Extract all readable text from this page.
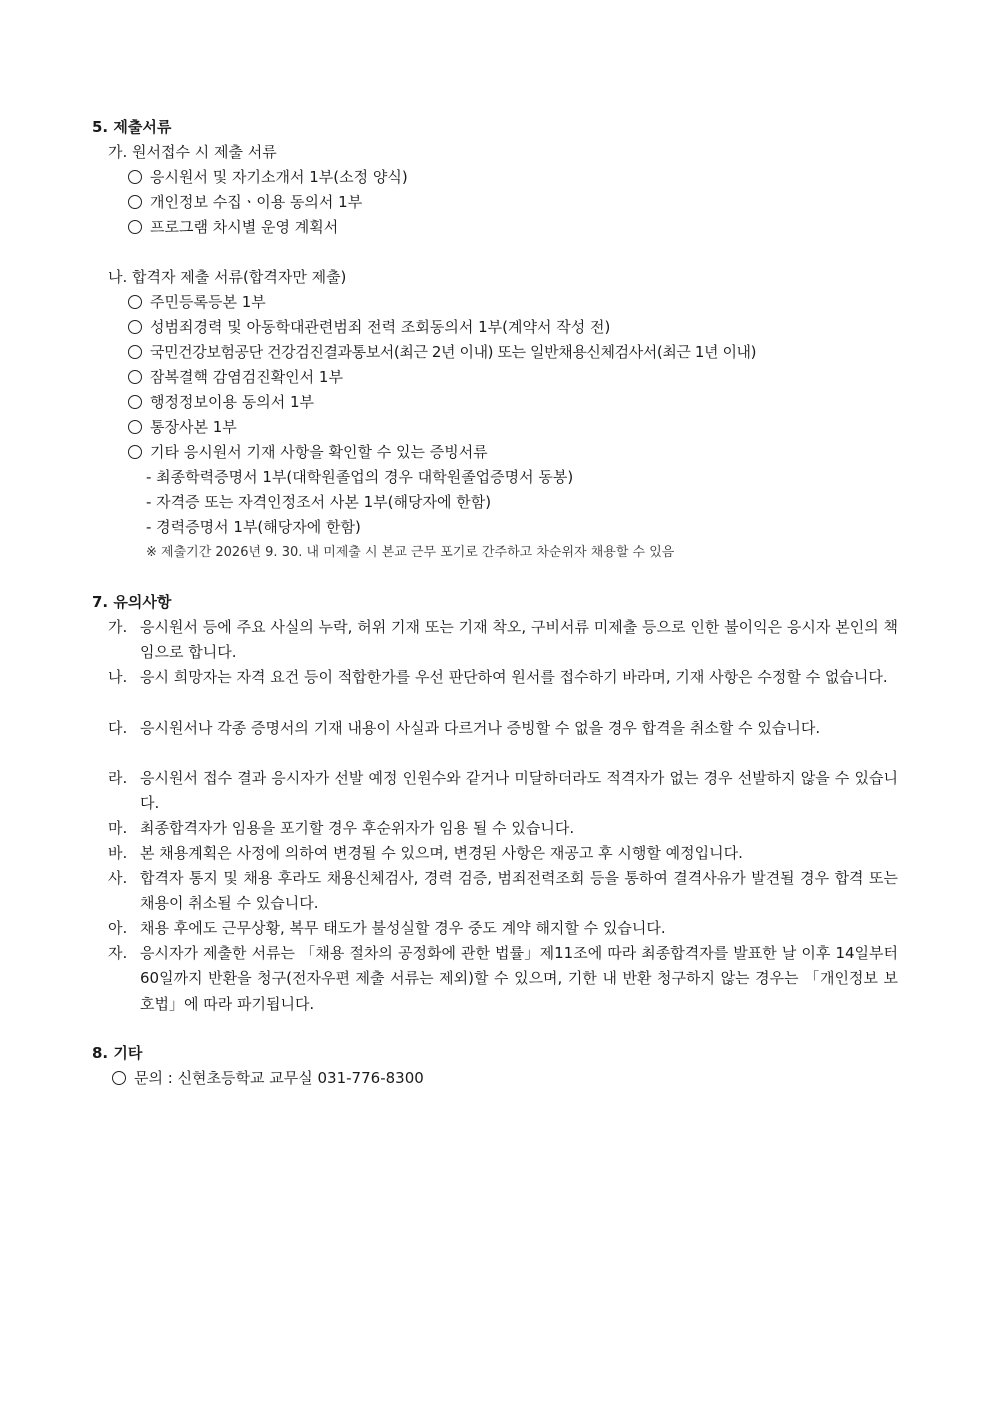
5. 제출서류
가. 원서접수 시 제출 서류
응시원서 및 자기소개서 1부(소정 양식)
개인정보 수집ㆍ이용 동의서 1부
프로그램 차시별 운영 계획서
나. 합격자 제출 서류(합격자만 제출)
주민등록등본 1부
성범죄경력 및 아동학대관련범죄 전력 조회동의서 1부(계약서 작성 전)
국민건강보험공단 건강검진결과통보서(최근 2년 이내) 또는 일반채용신체검사서(최근 1년 이내)
잠복결핵 감염검진확인서 1부
행정정보이용 동의서 1부
통장사본 1부
기타 응시원서 기재 사항을 확인할 수 있는 증빙서류
- 최종학력증명서 1부(대학원졸업의 경우 대학원졸업증명서 동봉)
- 자격증 또는 자격인정조서 사본 1부(해당자에 한함)
- 경력증명서 1부(해당자에 한함)
※ 제출기간 2026년 9. 30. 내 미제출 시 본교 근무 포기로 간주하고 차순위자 채용할 수 있음
7. 유의사항
가. 응시원서 등에 주요 사실의 누락, 허위 기재 또는 기재 착오, 구비서류 미제출 등으로 인한 불이익은 응시자 본인의 책임으로 합니다.
나. 응시 희망자는 자격 요건 등이 적합한가를 우선 판단하여 원서를 접수하기 바라며, 기재 사항은 수정할 수 없습니다.
다. 응시원서나 각종 증명서의 기재 내용이 사실과 다르거나 증빙할 수 없을 경우 합격을 취소할 수 있습니다.
라. 응시원서 접수 결과 응시자가 선발 예정 인원수와 같거나 미달하더라도 적격자가 없는 경우 선발하지 않을 수 있습니다.
마. 최종합격자가 임용을 포기할 경우 후순위자가 임용 될 수 있습니다.
바. 본 채용계획은 사정에 의하여 변경될 수 있으며, 변경된 사항은 재공고 후 시행할 예정입니다.
사. 합격자 통지 및 채용 후라도 채용신체검사, 경력 검증, 범죄전력조회 등을 통하여 결격사유가 발견될 경우 합격 또는 채용이 취소될 수 있습니다.
아. 채용 후에도 근무상황, 복무 태도가 불성실할 경우 중도 계약 해지할 수 있습니다.
자. 응시자가 제출한 서류는 「채용 절차의 공정화에 관한 법률」제11조에 따라 최종합격자를 발표한 날 이후 14일부터 60일까지 반환을 청구(전자우편 제출 서류는 제외)할 수 있으며, 기한 내 반환 청구하지 않는 경우는 「개인정보 보호법」에 따라 파기됩니다.
8. 기타
문의 : 신현초등학교 교무실 031-776-8300
